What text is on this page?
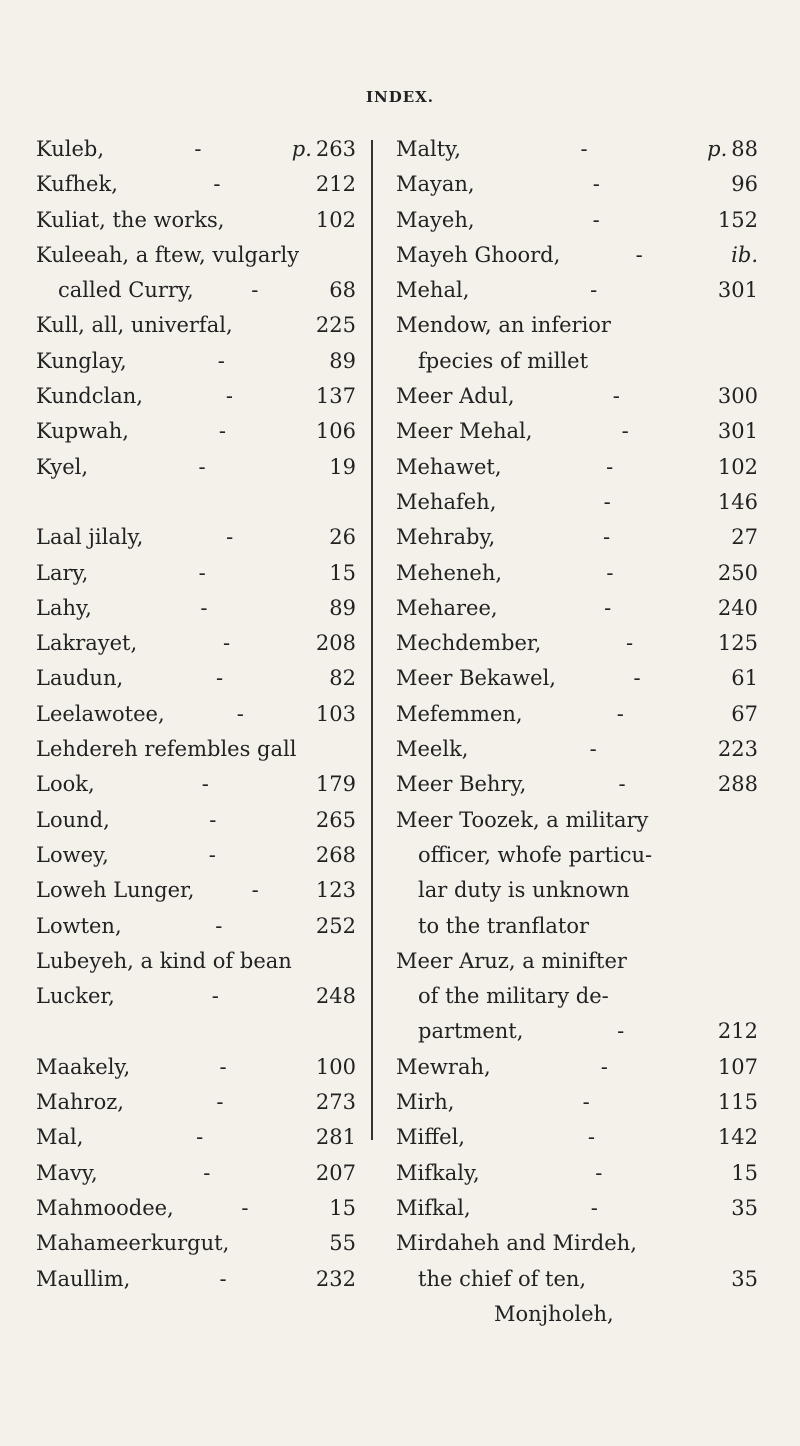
INDEX.
Kuleb,	-	p. 263
Kufhek,	-	212
Kuliat, the works,	102
Kuleeah, a ftew, vulgarly
called Curry,	-	68
Kull, all, univerfal,	225
Kunglay,	-	89
Kundclan,	-	137
Kupwah,	-	106
Kyel,	-	19
Laal jilaly,	-	26
Lary,	-	15
Lahy,	-	89
Lakrayet,	-	208
Laudun,	-	82
Leelawotee,	-	103
Lehdereh refembles gall
Look,	-	179
Lound,	-	265
Lowey,	-	268
Loweh Lunger,	-	123
Lowten,	-	252
Lubeyeh, a kind of bean
Lucker,	-	248
Maakely,	-	100
Mahroz,	-	273
Mal,	-	281
Mavy,	-	207
Mahmoodee,	-	15
Mahameerkurgut,	55
Maullim,	-	232
Malty,	-	p. 88
Mayan,	-	96
Mayeh,	-	152
Mayeh Ghoord,	-	ib.
Mehal,	-	301
Mendow, an inferior
fpecies of millet
Meer Adul,	-	300
Meer Mehal,	-	301
Mehawet,	-	102
Mehafeh,	-	146
Mehraby,	-	27
Meheneh,	-	250
Meharee,	-	240
Mechdember,	-	125
Meer Bekawel,	-	61
Mefemmen,	-	67
Meelk,	-	223
Meer Behry,	-	288
Meer Toozek, a military
officer, whofe particu-
lar duty is unknown
to the tranflator
Meer Aruz, a minifter
of the military de-
partment,	-	212
Mewrah,	-	107
Mirh,	-	115
Miffel,	-	142
Mifkaly,	-	15
Mifkal,	-	35
Mirdaheh and Mirdeh,
the chief of ten,	35
Monjholeh,
